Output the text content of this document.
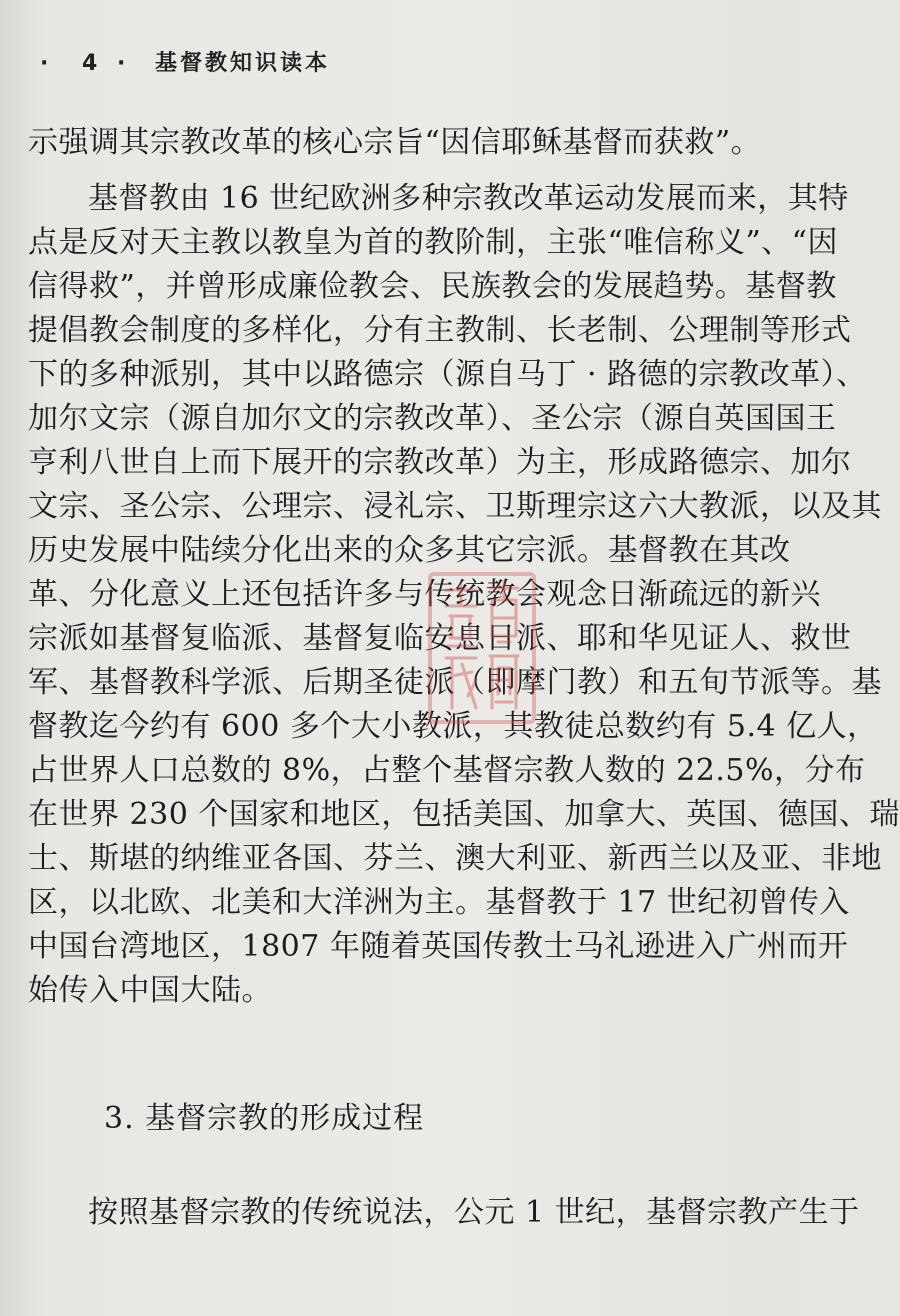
· 4 · 基督教知识读本
示强调其宗教改革的核心宗旨“因信耶稣基督而获救”。
基督教由 16 世纪欧洲多种宗教改革运动发展而来，其特
点是反对天主教以教皇为首的教阶制，主张“唯信称义”、“因
信得救”，并曾形成廉俭教会、民族教会的发展趋势。基督教
提倡教会制度的多样化，分有主教制、长老制、公理制等形式
下的多种派别，其中以路德宗（源自马丁 · 路德的宗教改革）、
加尔文宗（源自加尔文的宗教改革）、圣公宗（源自英国国王
亨利八世自上而下展开的宗教改革）为主，形成路德宗、加尔
文宗、圣公宗、公理宗、浸礼宗、卫斯理宗这六大教派，以及其
历史发展中陆续分化出来的众多其它宗派。基督教在其改
革、分化意义上还包括许多与传统教会观念日渐疏远的新兴
宗派如基督复临派、基督复临安息日派、耶和华见证人、救世
军、基督教科学派、后期圣徒派（即摩门教）和五旬节派等。基
督教迄今约有 600 多个大小教派，其教徒总数约有 5.4 亿人，
占世界人口总数的 8%，占整个基督宗教人数的 22.5%，分布
在世界 230 个国家和地区，包括美国、加拿大、英国、德国、瑞
士、斯堪的纳维亚各国、芬兰、澳大利亚、新西兰以及亚、非地
区，以北欧、北美和大洋洲为主。基督教于 17 世纪初曾传入
中国台湾地区，1807 年随着英国传教士马礼逊进入广州而开
始传入中国大陆。
3. 基督宗教的形成过程
按照基督宗教的传统说法，公元 1 世纪，基督宗教产生于
